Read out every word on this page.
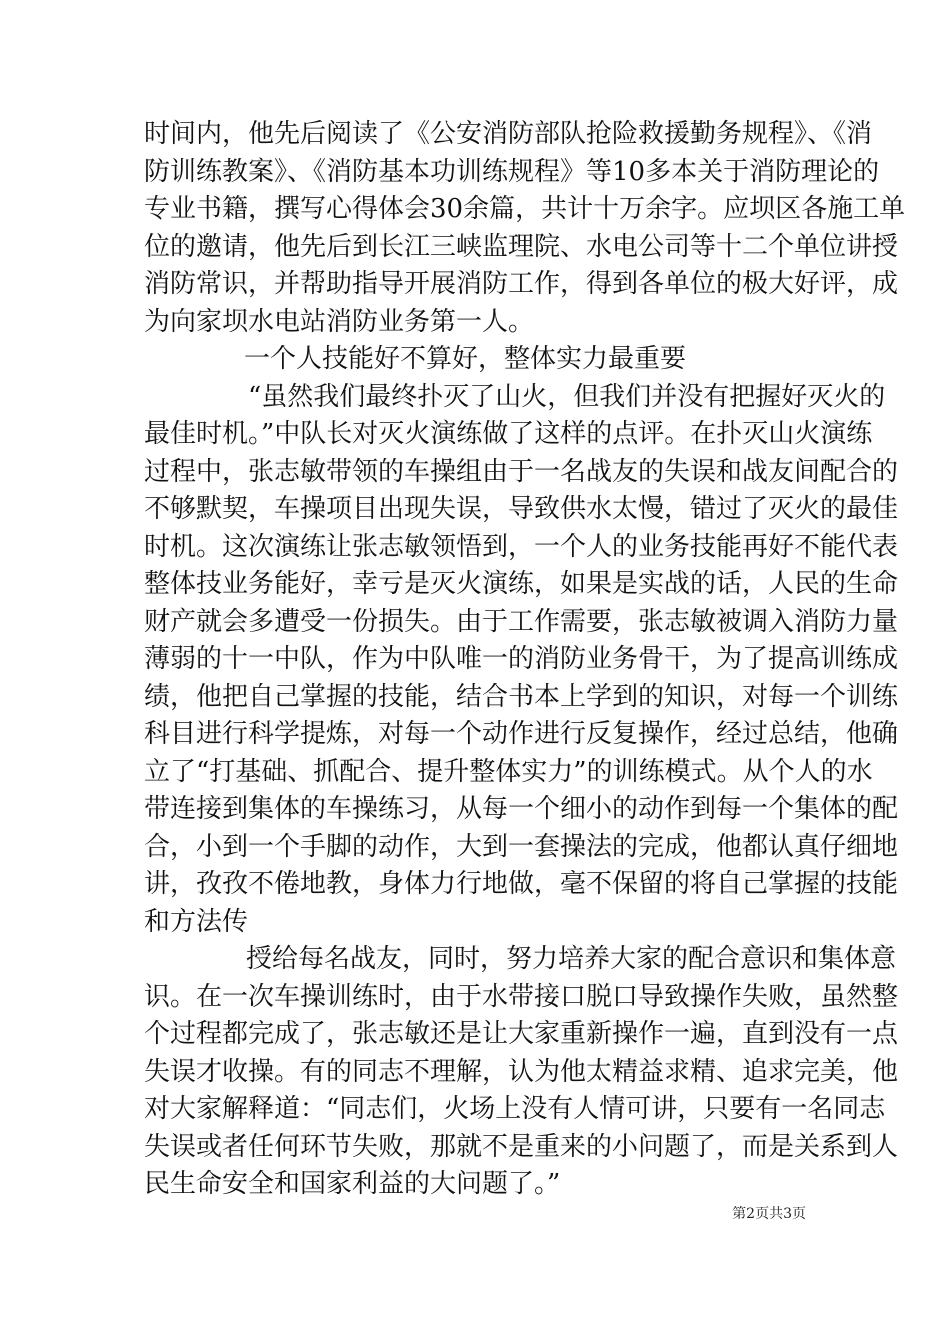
时间内，他先后阅读了《公安消防部队抢险救援勤务规程》、《消
防训练教案》、《消防基本功训练规程》等10多本关于消防理论的
专业书籍，撰写心得体会30余篇，共计十万余字。应坝区各施工单
位的邀请，他先后到长江三峡监理院、水电公司等十二个单位讲授
消防常识，并帮助指导开展消防工作，得到各单位的极大好评，成
为向家坝水电站消防业务第一人。
一个人技能好不算好，整体实力最重要
“虽然我们最终扑灭了山火，但我们并没有把握好灭火的
最佳时机。”中队长对灭火演练做了这样的点评。在扑灭山火演练
过程中，张志敏带领的车操组由于一名战友的失误和战友间配合的
不够默契，车操项目出现失误，导致供水太慢，错过了灭火的最佳
时机。这次演练让张志敏领悟到，一个人的业务技能再好不能代表
整体技业务能好，幸亏是灭火演练，如果是实战的话，人民的生命
财产就会多遭受一份损失。由于工作需要，张志敏被调入消防力量
薄弱的十一中队，作为中队唯一的消防业务骨干，为了提高训练成
绩，他把自己掌握的技能，结合书本上学到的知识，对每一个训练
科目进行科学提炼，对每一个动作进行反复操作，经过总结，他确
立了“打基础、抓配合、提升整体实力”的训练模式。从个人的水
带连接到集体的车操练习，从每一个细小的动作到每一个集体的配
合，小到一个手脚的动作，大到一套操法的完成，他都认真仔细地
讲，孜孜不倦地教，身体力行地做，毫不保留的将自己掌握的技能
和方法传
授给每名战友，同时，努力培养大家的配合意识和集体意
识。在一次车操训练时，由于水带接口脱口导致操作失败，虽然整
个过程都完成了，张志敏还是让大家重新操作一遍，直到没有一点
失误才收操。有的同志不理解，认为他太精益求精、追求完美，他
对大家解释道：“同志们，火场上没有人情可讲，只要有一名同志
失误或者任何环节失败，那就不是重来的小问题了，而是关系到人
民生命安全和国家利益的大问题了。”
第2页共3页
